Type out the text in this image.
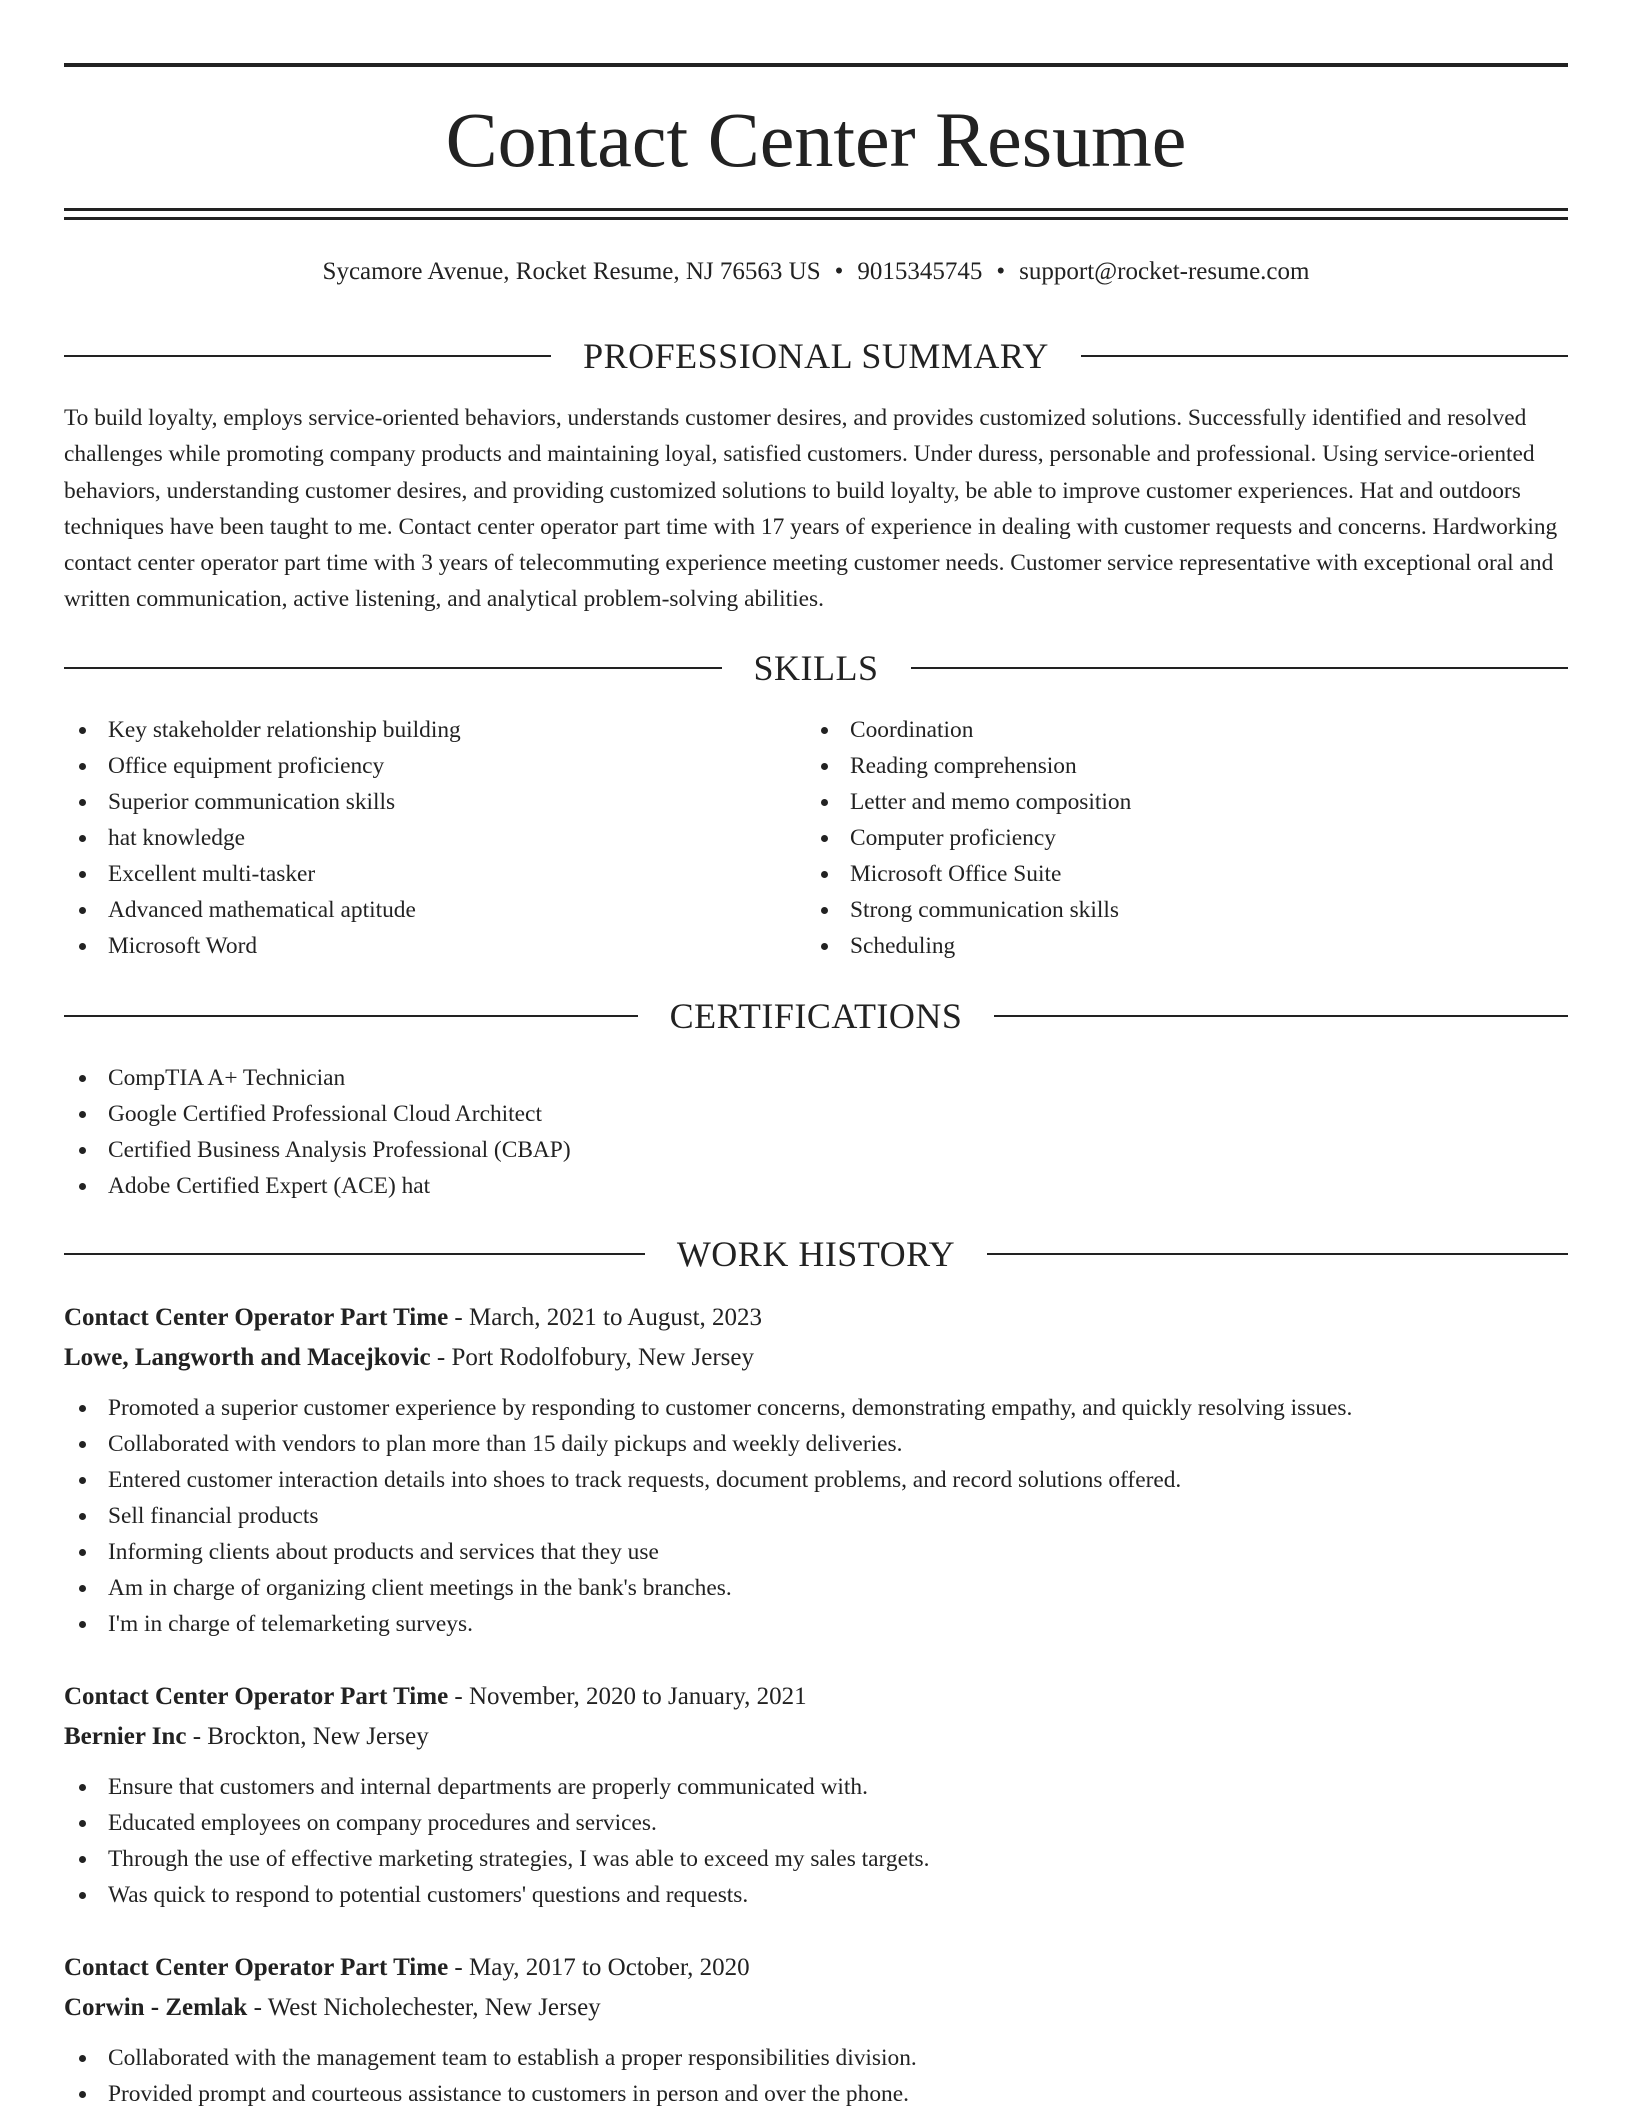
Contact Center Resume
Sycamore Avenue, Rocket Resume, NJ 76563 US • 9015345745 • support@rocket-resume.com
PROFESSIONAL SUMMARY

To build loyalty, employs service-oriented behaviors, understands customer desires, and provides customized solutions. Successfully identified and resolved challenges while promoting company products and maintaining loyal, satisfied customers. Under duress, personable and professional. Using service-oriented behaviors, understanding customer desires, and providing customized solutions to build loyalty, be able to improve customer experiences. Hat and outdoors techniques have been taught to me. Contact center operator part time with 17 years of experience in dealing with customer requests and concerns. Hardworking contact center operator part time with 3 years of telecommuting experience meeting customer needs. Customer service representative with exceptional oral and written communication, active listening, and analytical problem-solving abilities.

SKILLS
Key stakeholder relationship building
Office equipment proficiency
Superior communication skills
hat knowledge
Excellent multi-tasker
Advanced mathematical aptitude
Microsoft Word
Coordination
Reading comprehension
Letter and memo composition
Computer proficiency
Microsoft Office Suite
Strong communication skills
Scheduling
CERTIFICATIONS
CompTIA A+ Technician
Google Certified Professional Cloud Architect
Certified Business Analysis Professional (CBAP)
Adobe Certified Expert (ACE) hat
WORK HISTORY
Contact Center Operator Part Time - March, 2021 to August, 2023
Lowe, Langworth and Macejkovic - Port Rodolfobury, New Jersey
Promoted a superior customer experience by responding to customer concerns, demonstrating empathy, and quickly resolving issues.
Collaborated with vendors to plan more than 15 daily pickups and weekly deliveries.
Entered customer interaction details into shoes to track requests, document problems, and record solutions offered.
Sell financial products
Informing clients about products and services that they use
Am in charge of organizing client meetings in the bank's branches.
I'm in charge of telemarketing surveys.
Contact Center Operator Part Time - November, 2020 to January, 2021
Bernier Inc - Brockton, New Jersey
Ensure that customers and internal departments are properly communicated with.
Educated employees on company procedures and services.
Through the use of effective marketing strategies, I was able to exceed my sales targets.
Was quick to respond to potential customers' questions and requests.
Contact Center Operator Part Time - May, 2017 to October, 2020
Corwin - Zemlak - West Nicholechester, New Jersey
Collaborated with the management team to establish a proper responsibilities division.
Provided prompt and courteous assistance to customers in person and over the phone.
